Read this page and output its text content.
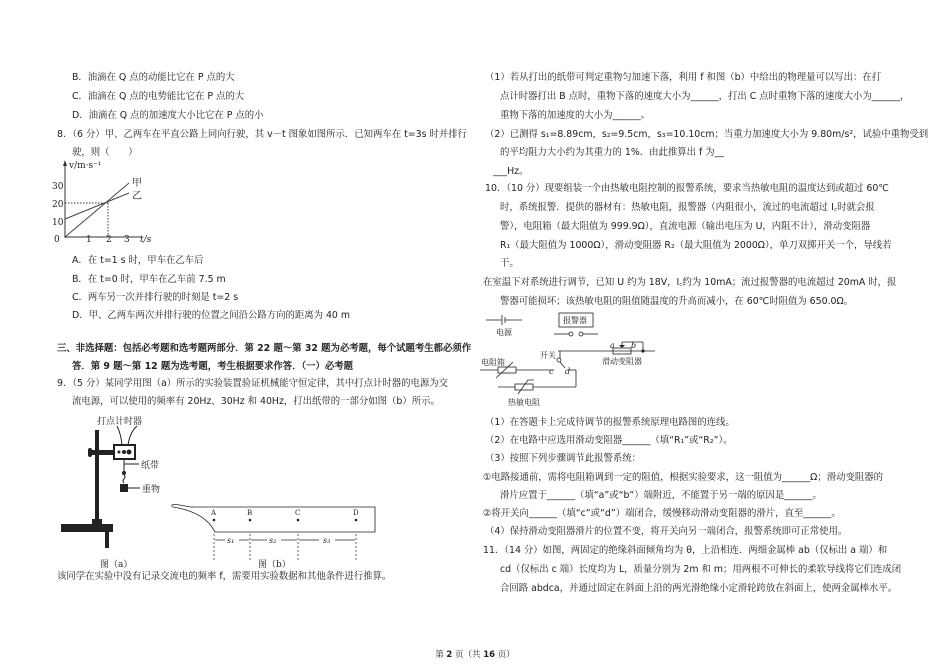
B．油滴在 Q 点的动能比它在 P 点的大
C．油滴在 Q 点的电势能比它在 P 点的大
D．油滴在 Q 点的加速度大小比它在 P 点的小
8．（6 分）甲、乙两车在平直公路上同向行驶，其 v－t 图象如图所示．已知两车在 t=3s 时并排行
驶，则（　　）
v/m·s⁻¹
30
20
10
0	1 2 3 t/s
甲
乙
A．在 t=1 s 时，甲车在乙车后
B．在 t=0 时，甲车在乙车前 7.5 m
C．两车另一次并排行驶的时刻是 t=2 s
D．甲、乙两车两次并排行驶的位置之间沿公路方向的距离为 40 m
三、非选择题：包括必考题和选考题两部分．第 22 题～第 32 题为必考题，每个试题考生都必须作
答．第 9 题～第 12 题为选考题，考生根据要求作答．（一）必考题
9．（5 分）某同学用图（a）所示的实验装置验证机械能守恒定律，其中打点计时器的电源为交
流电源，可以使用的频率有 20Hz、30Hz 和 40Hz，打出纸带的一部分如图（b）所示。
打点计时器
纸带
重物
图（a）
A	B	C	D
s₁	s₂	s₃
图（b）
该同学在实验中没有记录交流电的频率 f，需要用实验数据和其他条件进行推算。
（1）若从打出的纸带可判定重物匀加速下落，利用 f 和图（b）中给出的物理量可以写出：在打
点计时器打出 B 点时，重物下落的速度大小为______，打出 C 点时重物下落的速度大小为______，
重物下落的加速度的大小为______。
（2）已测得 s₁=8.89cm，s₂=9.5cm，s₃=10.10cm；当重力加速度大小为 9.80m/s²，试验中重物受到
的平均阻力大小约为其重力的 1%．由此推算出 f 为__
___Hz。
10．（10 分）现要组装一个由热敏电阻控制的报警系统，要求当热敏电阻的温度达到或超过 60℃
时，系统报警．提供的器材有：热敏电阻，报警器（内阻很小，流过的电流超过 I꜀时就会报
警），电阻箱（最大阻值为 999.9Ω），直流电源（输出电压为 U，内阻不计），滑动变阻器
R₁（最大阻值为 1000Ω），滑动变阻器 R₂（最大阻值为 2000Ω），单刀双掷开关一个，导线若
干。
在室温下对系统进行调节，已知 U 约为 18V，I꜀约为 10mA；流过报警器的电流超过 20mA 时，报
警器可能损坏；该热敏电阻的阻值随温度的升高而减小，在 60℃时阻值为 650.0Ω。
电源
报警器
电阻箱
开关
滑动变阻器
热敏电阻
a b
c d
（1）在答题卡上完成待调节的报警系统原理电路图的连线。
（2）在电路中应选用滑动变阻器______（填“R₁”或“R₂”）。
（3）按照下列步骤调节此报警系统：
①电路接通前，需将电阻箱调到一定的阻值，根据实验要求，这一阻值为______Ω；滑动变阻器的
滑片应置于______（填“a”或“b”）端附近，不能置于另一端的原因是______。
②将开关向______（填“c”或“d”）端闭合，缓慢移动滑动变阻器的滑片，直至______。
（4）保持滑动变阻器滑片的位置不变，将开关向另一端闭合，报警系统即可正常使用。
11．（14 分）如图，两固定的绝缘斜面倾角均为 θ，上沿相连．两细金属棒 ab（仅标出 a 端）和
cd（仅标出 c 端）长度均为 L，质量分别为 2m 和 m；用两根不可伸长的柔软导线将它们连成闭
合回路 abdca，并通过固定在斜面上沿的两光滑绝缘小定滑轮跨放在斜面上，使两金属棒水平。
第 2 页（共 16 页）
